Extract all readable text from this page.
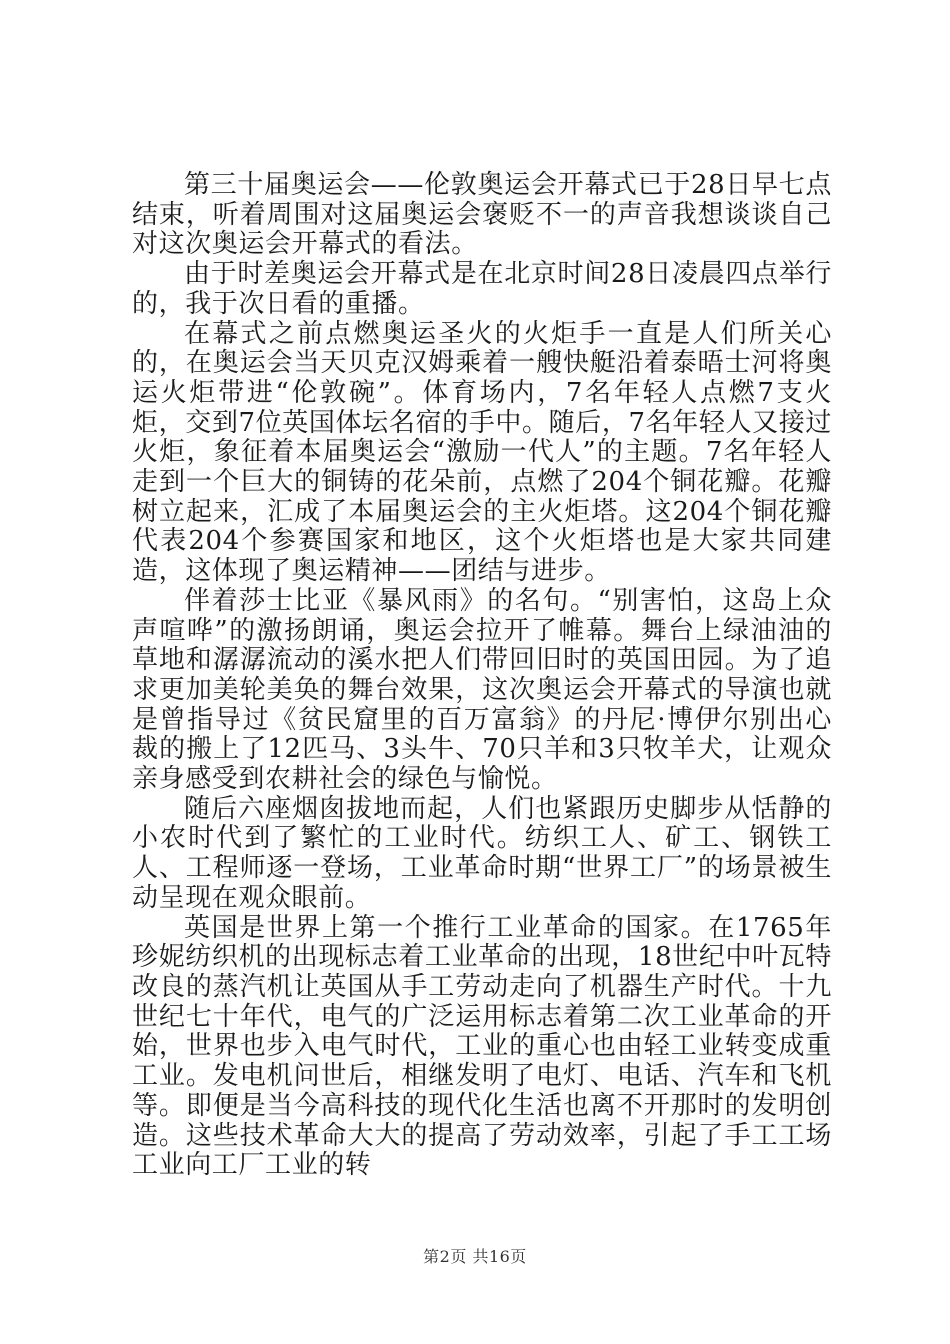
第三十届奥运会——伦敦奥运会开幕式已于28日早七点结束，听着周围对这届奥运会褒贬不一的声音我想谈谈自己对这次奥运会开幕式的看法。

由于时差奥运会开幕式是在北京时间28日凌晨四点举行的，我于次日看的重播。

在幕式之前点燃奥运圣火的火炬手一直是人们所关心的，在奥运会当天贝克汉姆乘着一艘快艇沿着泰晤士河将奥运火炬带进“伦敦碗”。体育场内，7名年轻人点燃7支火炬，交到7位英国体坛名宿的手中。随后，7名年轻人又接过火炬，象征着本届奥运会“激励一代人”的主题。7名年轻人走到一个巨大的铜铸的花朵前，点燃了204个铜花瓣。花瓣树立起来，汇成了本届奥运会的主火炬塔。这204个铜花瓣代表204个参赛国家和地区，这个火炬塔也是大家共同建造，这体现了奥运精神——团结与进步。

伴着莎士比亚《暴风雨》的名句。“别害怕，这岛上众声喧哗”的激扬朗诵，奥运会拉开了帷幕。舞台上绿油油的草地和潺潺流动的溪水把人们带回旧时的英国田园。为了追求更加美轮美奂的舞台效果，这次奥运会开幕式的导演也就是曾指导过《贫民窟里的百万富翁》的丹尼·博伊尔别出心裁的搬上了12匹马、3头牛、70只羊和3只牧羊犬，让观众亲身感受到农耕社会的绿色与愉悦。

随后六座烟囱拔地而起，人们也紧跟历史脚步从恬静的小农时代到了繁忙的工业时代。纺织工人、矿工、钢铁工人、工程师逐一登场，工业革命时期“世界工厂”的场景被生动呈现在观众眼前。

英国是世界上第一个推行工业革命的国家。在1765年珍妮纺织机的出现标志着工业革命的出现，18世纪中叶瓦特改良的蒸汽机让英国从手工劳动走向了机器生产时代。十九世纪七十年代，电气的广泛运用标志着第二次工业革命的开始，世界也步入电气时代，工业的重心也由轻工业转变成重工业。发电机问世后，相继发明了电灯、电话、汽车和飞机等。即便是当今高科技的现代化生活也离不开那时的发明创造。这些技术革命大大的提高了劳动效率，引起了手工工场工业向工厂工业的转

第2页 共16页
